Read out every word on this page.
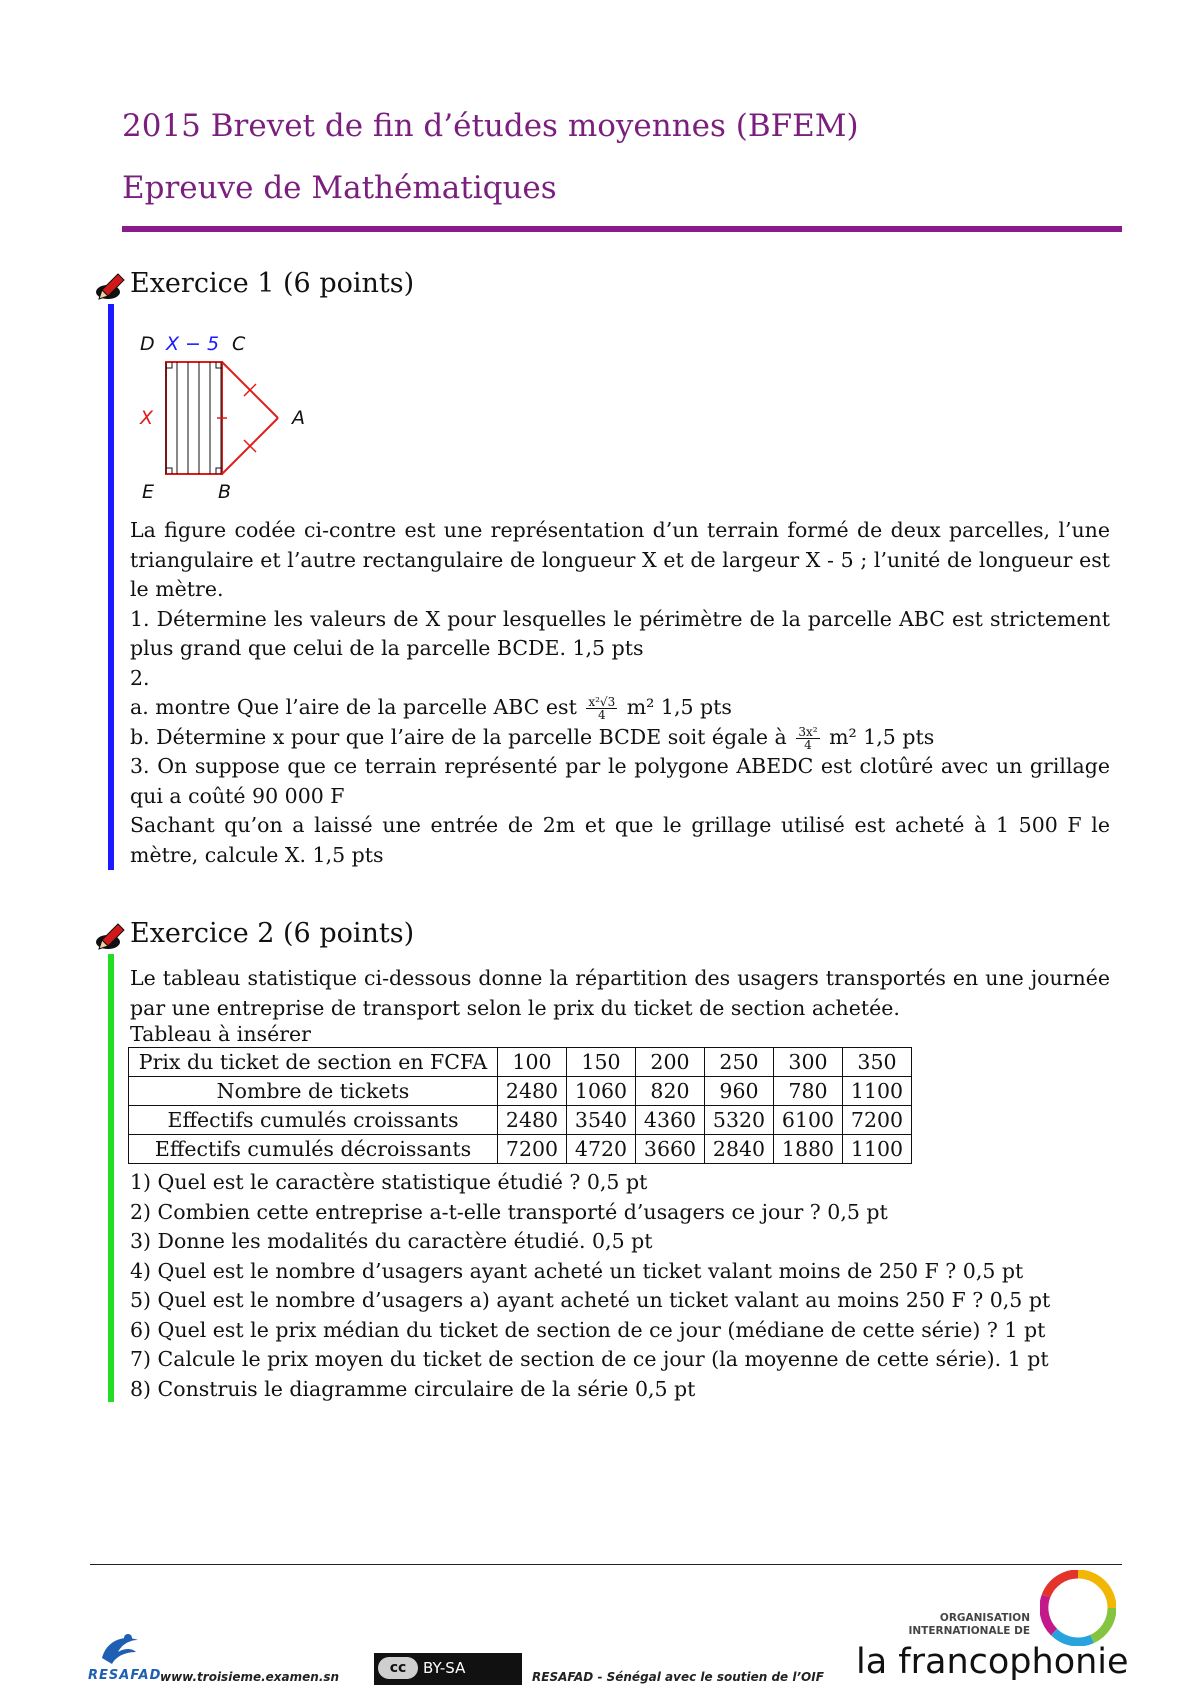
2015 Brevet de fin d’études moyennes (BFEM)
Epreuve de Mathématiques
Exercice 1 (6 points)
D X − 5 C
X	A
E	B

La figure codée ci-contre est une représentation d’un terrain formé de deux parcelles, l’une triangulaire et l’autre rectangulaire de longueur X et de largeur X - 5 ; l’unité de longueur est le mètre.

1. Détermine les valeurs de X pour lesquelles le périmètre de la parcelle ABC est strictement plus grand que celui de la parcelle BCDE. 1,5 pts

2.

a. montre Que l’aire de la parcelle ABC est $\frac{\text{x²√3}}{4} m^2$ 1,5 pts

b. Détermine x pour que l’aire de la parcelle BCDE soit égale à $\frac{\text{3x²}}{4} m^2$ 1,5 pts

3. On suppose que ce terrain représenté par le polygone ABEDC est clotûré avec un grillage qui a coûté 90 000 F

Sachant qu’on a laissé une entrée de 2m et que le grillage utilisé est acheté à 1 500 F le mètre, calcule X. 1,5 pts

Exercice 2 (6 points)

Le tableau statistique ci-dessous donne la répartition des usagers transportés en une journée par une entreprise de transport selon le prix du ticket de section achetée.

Tableau à insérer

Prix du ticket de section en FCFA	100	150	200	250	300	350
Nombre de tickets	2480	1060	820	960	780	1100
Effectifs cumulés croissants	2480	3540	4360	5320	6100	7200
Effectifs cumulés décroissants	7200	4720	3660	2840	1880	1100

1) Quel est le caractère statistique étudié ? 0,5 pt

2) Combien cette entreprise a-t-elle transporté d’usagers ce jour ? 0,5 pt

3) Donne les modalités du caractère étudié. 0,5 pt

4) Quel est le nombre d’usagers ayant acheté un ticket valant moins de 250 F ? 0,5 pt

5) Quel est le nombre d’usagers a) ayant acheté un ticket valant au moins 250 F ? 0,5 pt

6) Quel est le prix médian du ticket de section de ce jour (médiane de cette série) ? 1 pt

7) Calcule le prix moyen du ticket de section de ce jour (la moyenne de cette série). 1 pt

8) Construis le diagramme circulaire de la série 0,5 pt

RESAFAD
www.troisieme.examen.sn
cc	BY-SA	RESAFAD - Sénégal avec le soutien de l’OIF
ORGANISATION
INTERNATIONALE DE
la francophonie
